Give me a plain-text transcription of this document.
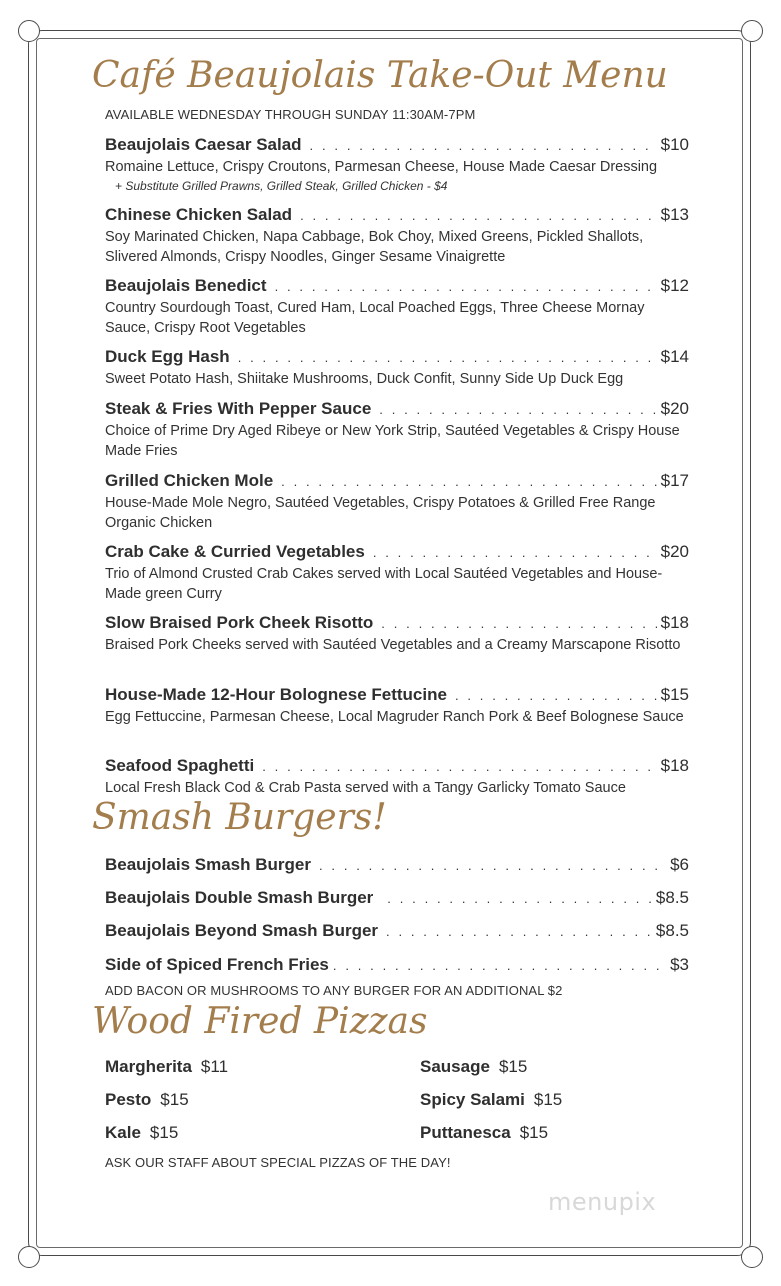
Café Beaujolais Take-Out Menu
AVAILABLE WEDNESDAY THROUGH SUNDAY 11:30AM-7PM
Beaujolais Caesar Salad . . .	$10
Romaine Lettuce, Crispy Croutons, Parmesan Cheese, House Made Caesar Dressing
+ Substitute Grilled Prawns, Grilled Steak, Grilled Chicken - $4
Chinese Chicken Salad . . .	$13
Soy Marinated Chicken, Napa Cabbage, Bok Choy, Mixed Greens, Pickled Shallots, Slivered Almonds, Crispy Noodles, Ginger Sesame Vinaigrette
Beaujolais Benedict . . .	$12
Country Sourdough Toast, Cured Ham, Local Poached Eggs, Three Cheese Mornay Sauce, Crispy Root Vegetables
Duck Egg Hash . . .	$14
Sweet Potato Hash, Shiitake Mushrooms, Duck Confit, Sunny Side Up Duck Egg
Steak & Fries With Pepper Sauce . . .	$20
Choice of Prime Dry Aged Ribeye or New York Strip, Sautéed Vegetables & Crispy House Made Fries
Grilled Chicken Mole . . .	$17
House-Made Mole Negro, Sautéed Vegetables, Crispy Potatoes & Grilled Free Range Organic Chicken
Crab Cake & Curried Vegetables . . .	$20
Trio of Almond Crusted Crab Cakes served with Local Sautéed Vegetables and House-Made green Curry
Slow Braised Pork Cheek Risotto . . .	$18
Braised Pork Cheeks served with Sautéed Vegetables and a Creamy Marscapone Risotto
House-Made 12-Hour Bolognese Fettucine . . .	$15
Egg Fettuccine, Parmesan Cheese, Local Magruder Ranch Pork & Beef Bolognese Sauce
Seafood Spaghetti . . .	$18
Local Fresh Black Cod & Crab Pasta served with a Tangy Garlicky Tomato Sauce
Smash Burgers!
Beaujolais Smash Burger . . .	$6
Beaujolais Double Smash Burger . . .	$8.5
Beaujolais Beyond Smash Burger . . .	$8.5
Side of Spiced French Fries . . .	$3
ADD BACON OR MUSHROOMS TO ANY BURGER FOR AN ADDITIONAL $2
Wood Fired Pizzas
Margherita $11	Sausage $15
Pesto $15	Spicy Salami $15
Kale $15	Puttanesca $15
ASK OUR STAFF ABOUT SPECIAL PIZZAS OF THE DAY!
menupix
